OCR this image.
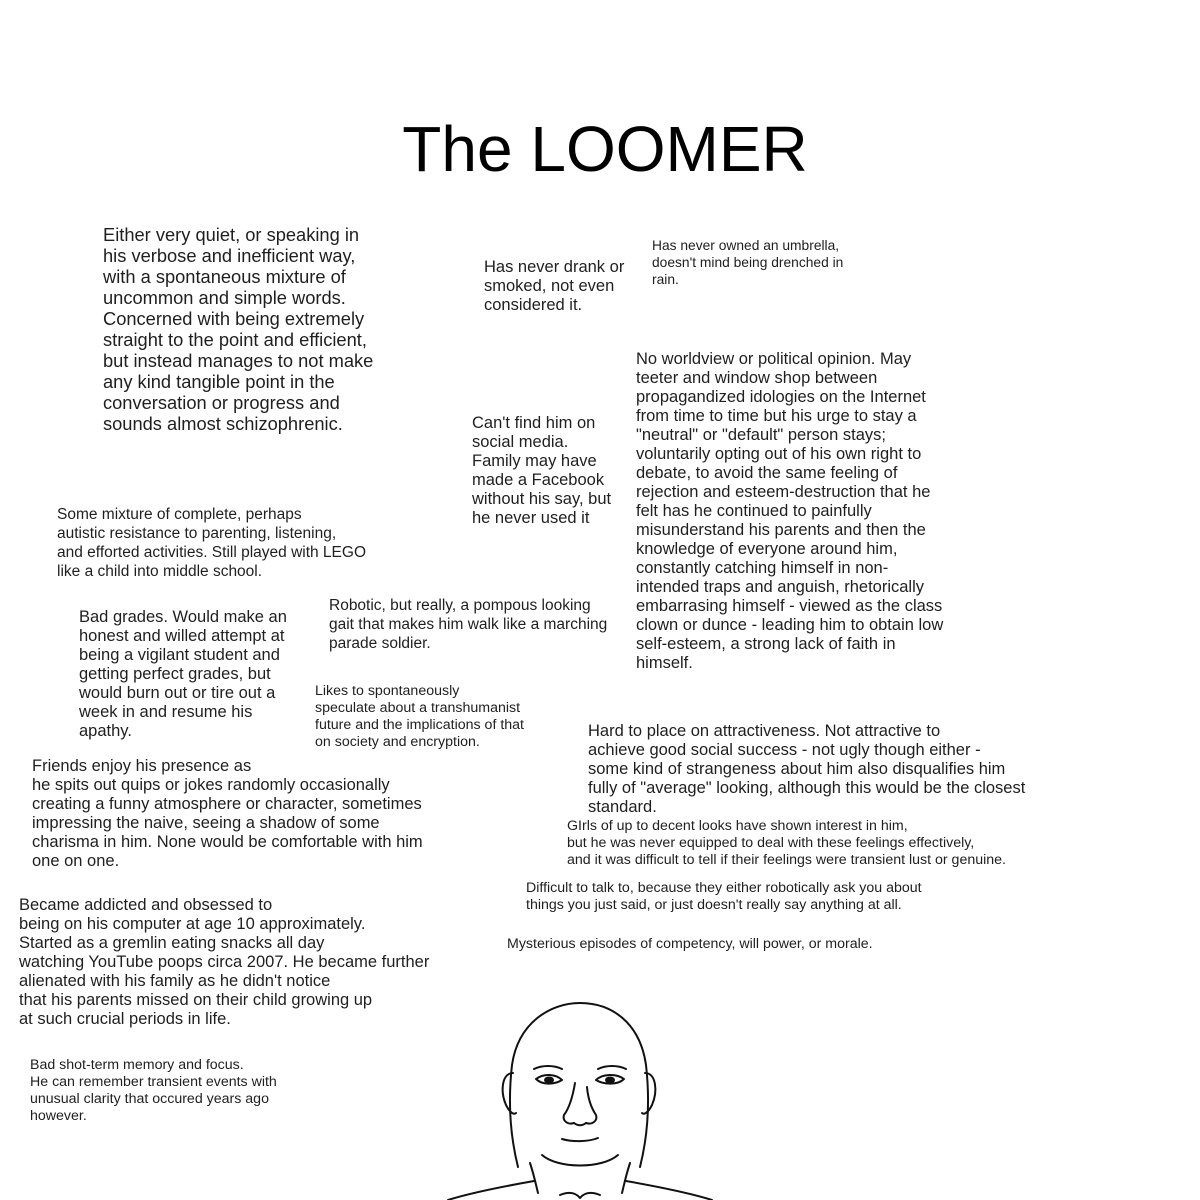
The LOOMER

Either very quiet, or speaking in
his verbose and inefficient way,
with a spontaneous mixture of
uncommon and simple words.
Concerned with being extremely
straight to the point and efficient,
but instead manages to not make
any kind tangible point in the
conversation or progress and
sounds almost schizophrenic.

Has never drank or
smoked, not even
considered it.

Has never owned an umbrella,
doesn't mind being drenched in
rain.

No worldview or political opinion. May
teeter and window shop between
propagandized idologies on the Internet
from time to time but his urge to stay a
"neutral" or "default" person stays;
voluntarily opting out of his own right to
debate, to avoid the same feeling of
rejection and esteem-destruction that he
felt has he continued to painfully
misunderstand his parents and then the
knowledge of everyone around him,
constantly catching himself in non-
intended traps and anguish, rhetorically
embarrasing himself - viewed as the class
clown or dunce - leading him to obtain low
self-esteem, a strong lack of faith in
himself.

Can't find him on
social media.
Family may have
made a Facebook
without his say, but
he never used it

Some mixture of complete, perhaps
autistic resistance to parenting, listening,
and efforted activities. Still played with LEGO
like a child into middle school.

Robotic, but really, a pompous looking
gait that makes him walk like a marching
parade soldier.

Bad grades. Would make an
honest and willed attempt at
being a vigilant student and
getting perfect grades, but
would burn out or tire out a
week in and resume his
apathy.

Likes to spontaneously
speculate about a transhumanist
future and the implications of that
on society and encryption.

Hard to place on attractiveness. Not attractive to
achieve good social success - not ugly though either -
some kind of strangeness about him also disqualifies him
fully of "average" looking, although this would be the closest
standard.

Friends enjoy his presence as
he spits out quips or jokes randomly occasionally
creating a funny atmosphere or character, sometimes
impressing the naive, seeing a shadow of some
charisma in him. None would be comfortable with him
one on one.

GIrls of up to decent looks have shown interest in him,
but he was never equipped to deal with these feelings effectively,
and it was difficult to tell if their feelings were transient lust or genuine.

Difficult to talk to, because they either robotically ask you about
things you just said, or just doesn't really say anything at all.

Became addicted and obsessed to
being on his computer at age 10 approximately.
Started as a gremlin eating snacks all day
watching YouTube poops circa 2007. He became further
alienated with his family as he didn't notice
that his parents missed on their child growing up
at such crucial periods in life.

Mysterious episodes of competency, will power, or morale.

Bad shot-term memory and focus.
He can remember transient events with
unusual clarity that occured years ago
however.
